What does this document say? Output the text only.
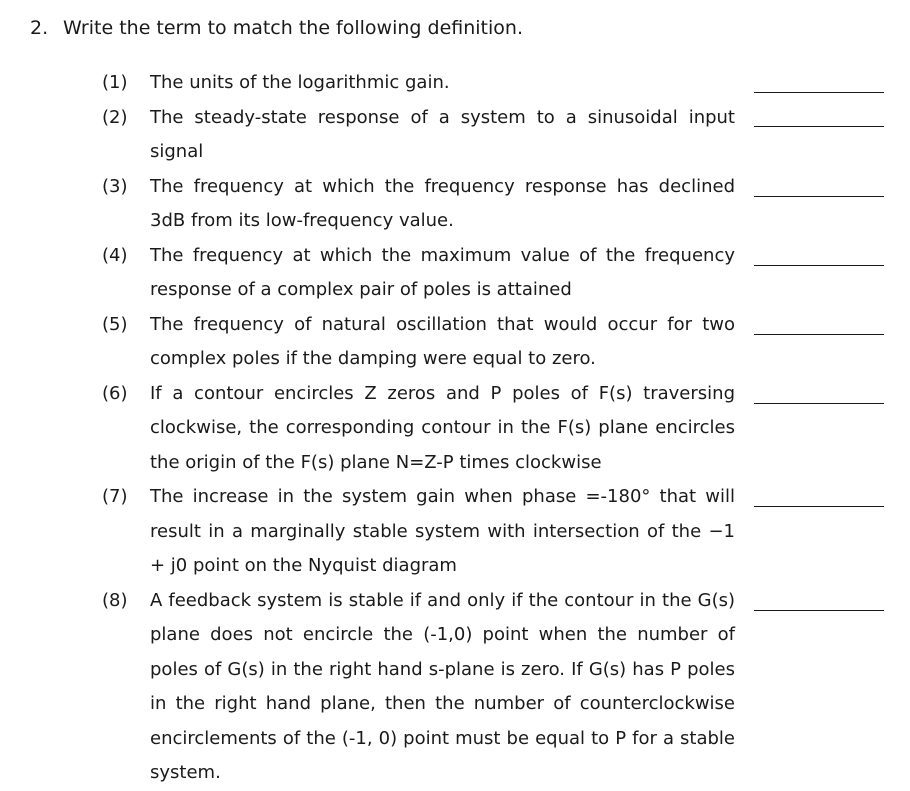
2. Write the term to match the following definition.
(1)	The units of the logarithmic gain.
(2)	The steady-state response of a system to a sinusoidal input signal
(3)	The frequency at which the frequency response has declined 3dB from its low-frequency value.
(4)	The frequency at which the maximum value of the frequency response of a complex pair of poles is attained
(5)	The frequency of natural oscillation that would occur for two complex poles if the damping were equal to zero.
(6)	If a contour encircles Z zeros and P poles of F(s) traversing clockwise, the corresponding contour in the F(s) plane encircles the origin of the F(s) plane N=Z-P times clockwise
(7)	The increase in the system gain when phase =-180° that will result in a marginally stable system with intersection of the −1 + j0 point on the Nyquist diagram
(8)	A feedback system is stable if and only if the contour in the G(s) plane does not encircle the (-1,0) point when the number of poles of G(s) in the right hand s-plane is zero. If G(s) has P poles in the right hand plane, then the number of counterclockwise encirclements of the (-1, 0) point must be equal to P for a stable system.
